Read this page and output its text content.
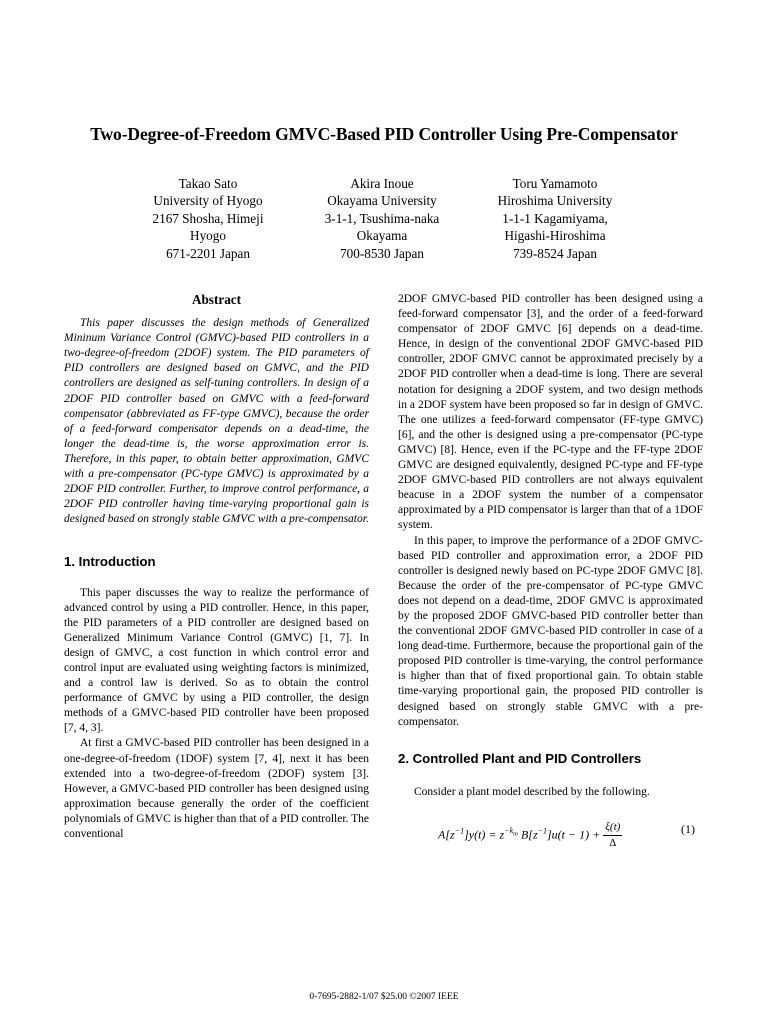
Two-Degree-of-Freedom GMVC-Based PID Controller Using Pre-Compensator
Takao Sato
University of Hyogo
2167 Shosha, Himeji
Hyogo
671-2201 Japan
Akira Inoue
Okayama University
3-1-1, Tsushima-naka
Okayama
700-8530 Japan
Toru Yamamoto
Hiroshima University
1-1-1 Kagamiyama,
Higashi-Hiroshima
739-8524 Japan
Abstract

This paper discusses the design methods of Generalized Mininum Variance Control (GMVC)-based PID controllers in a two-degree-of-freedom (2DOF) system. The PID parameters of PID controllers are designed based on GMVC, and the PID controllers are designed as self-tuning controllers. In design of a 2DOF PID controller based on GMVC with a feed-forward compensator (abbreviated as FF-type GMVC), because the order of a feed-forward compensator depends on a dead-time, the longer the dead-time is, the worse approximation error is. Therefore, in this paper, to obtain better approximation, GMVC with a pre-compensator (PC-type GMVC) is approximated by a 2DOF PID controller. Further, to improve control performance, a 2DOF PID controller having time-varying proportional gain is designed based on strongly stable GMVC with a pre-compensator.

1. Introduction

This paper discusses the way to realize the performance of advanced control by using a PID controller. Hence, in this paper, the PID parameters of a PID controller are designed based on Generalized Minimum Variance Control (GMVC) [1, 7]. In design of GMVC, a cost function in which control error and control input are evaluated using weighting factors is minimized, and a control law is derived. So as to obtain the control performance of GMVC by using a PID controller, the design methods of a GMVC-based PID controller have been proposed [7, 4, 3].

At first a GMVC-based PID controller has been designed in a one-degree-of-freedom (1DOF) system [7, 4], next it has been extended into a two-degree-of-freedom (2DOF) system [3]. However, a GMVC-based PID controller has been designed using approximation because generally the order of the coefficient polynomials of GMVC is higher than that of a PID controller. The conventional

2DOF GMVC-based PID controller has been designed using a feed-forward compensator [3], and the order of a feed-forward compensator of 2DOF GMVC [6] depends on a dead-time. Hence, in design of the conventional 2DOF GMVC-based PID controller, 2DOF GMVC cannot be approximated precisely by a 2DOF PID controller when a dead-time is long. There are several notation for designing a 2DOF system, and two design methods in a 2DOF system have been proposed so far in design of GMVC. The one utilizes a feed-forward compensator (FF-type GMVC) [6], and the other is designed using a pre-compensator (PC-type GMVC) [8]. Hence, even if the PC-type and the FF-type 2DOF GMVC are designed equivalently, designed PC-type and FF-type 2DOF GMVC-based PID controllers are not always equivalent beacuse in a 2DOF system the number of a compensator approximated by a PID compensator is larger than that of a 1DOF system.

In this paper, to improve the performance of a 2DOF GMVC-based PID controller and approximation error, a 2DOF PID controller is designed newly based on PC-type 2DOF GMVC [8]. Because the order of the pre-compensator of PC-type GMVC does not depend on a dead-time, 2DOF GMVC is approximated by the proposed 2DOF GMVC-based PID controller better than the conventional 2DOF GMVC-based PID controller in case of a long dead-time. Furthermore, because the proportional gain of the proposed PID controller is time-varying, the control performance is higher than that of fixed proportional gain. To obtain stable time-varying proportional gain, the proposed PID controller is designed based on strongly stable GMVC with a pre-compensator.

2. Controlled Plant and PID Controllers

Consider a plant model described by the following.

$A[z^{-1}]y(t) = z^{-k_m}$ $B[z^{-1}]u(t - 1) + \frac{\xi(t)}{\Delta}$	(1)
0-7695-2882-1/07 $25.00 ©2007 IEEE
